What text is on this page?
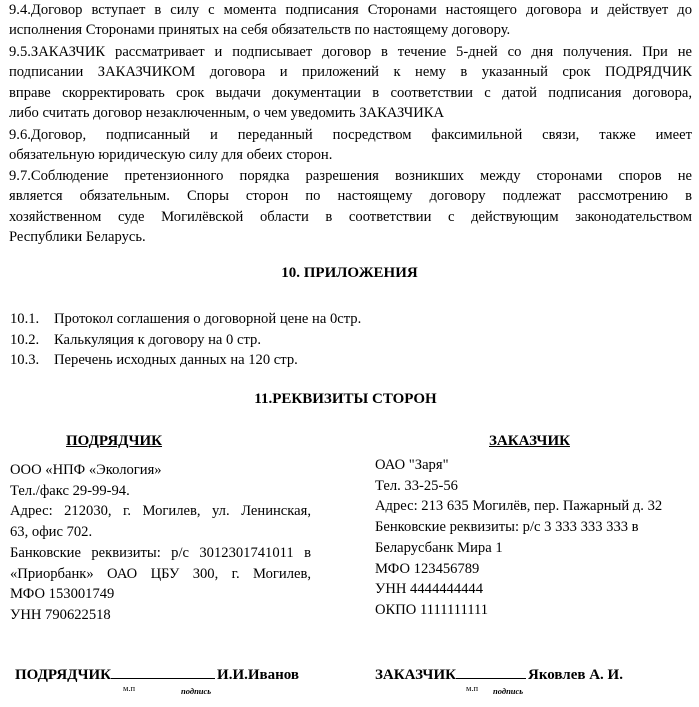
9.4.Договор вступает в силу с момента подписания Сторонами настоящего договора и действует до
исполнения Сторонами принятых на себя обязательств по настоящему договору.
9.5.ЗАКАЗЧИК рассматривает и подписывает договор в течение 5-дней со дня получения. При не
подписании ЗАКАЗЧИКОМ договора и приложений к нему в указанный срок ПОДРЯДЧИК
вправе скорректировать срок выдачи документации в соответствии с датой подписания договора,
либо считать договор незаключенным, о чем уведомить ЗАКАЗЧИКА
9.6.Договор, подписанный и переданный посредством факсимильной связи, также имеет
обязательную юридическую силу для обеих сторон.
9.7.Соблюдение претензионного порядка разрешения возникших между сторонами споров не
является обязательным. Споры сторон по настоящему договору подлежат рассмотрению в
хозяйственном суде Могилёвской области в соответствии с действующим законодательством
Республики Беларусь.
10. ПРИЛОЖЕНИЯ
10.1.	Протокол соглашения о договорной цене на 0стр.
10.2.	Калькуляция к договору на 0 стр.
10.3.	Перечень исходных данных на 120 стр.
11.РЕКВИЗИТЫ СТОРОН
ПОДРЯДЧИК	ЗАКАЗЧИК
ООО «НПФ «Экология»
Тел./факс 29-99-94.
Адрес: 212030, г. Могилев, ул. Ленинская,
63, офис 702.
Банковские реквизиты: р/с 3012301741011 в
«Приорбанк» ОАО ЦБУ 300, г. Могилев,
МФО 153001749
УНН 790622518
ОАО "Заря"
Тел. 33-25-56
Адрес: 213 635 Могилёв, пер. Пажарный д. 32
Бенковские реквизиты: р/с 3 333 333 333 в
Беларусбанк Мира 1
МФО 123456789
УНН 4444444444
ОКПО 1111111111
ПОДРЯДЧИК	И.И.Иванов
м.п	подпись
ЗАКАЗЧИК	Яковлев А. И.
м.п подпись
